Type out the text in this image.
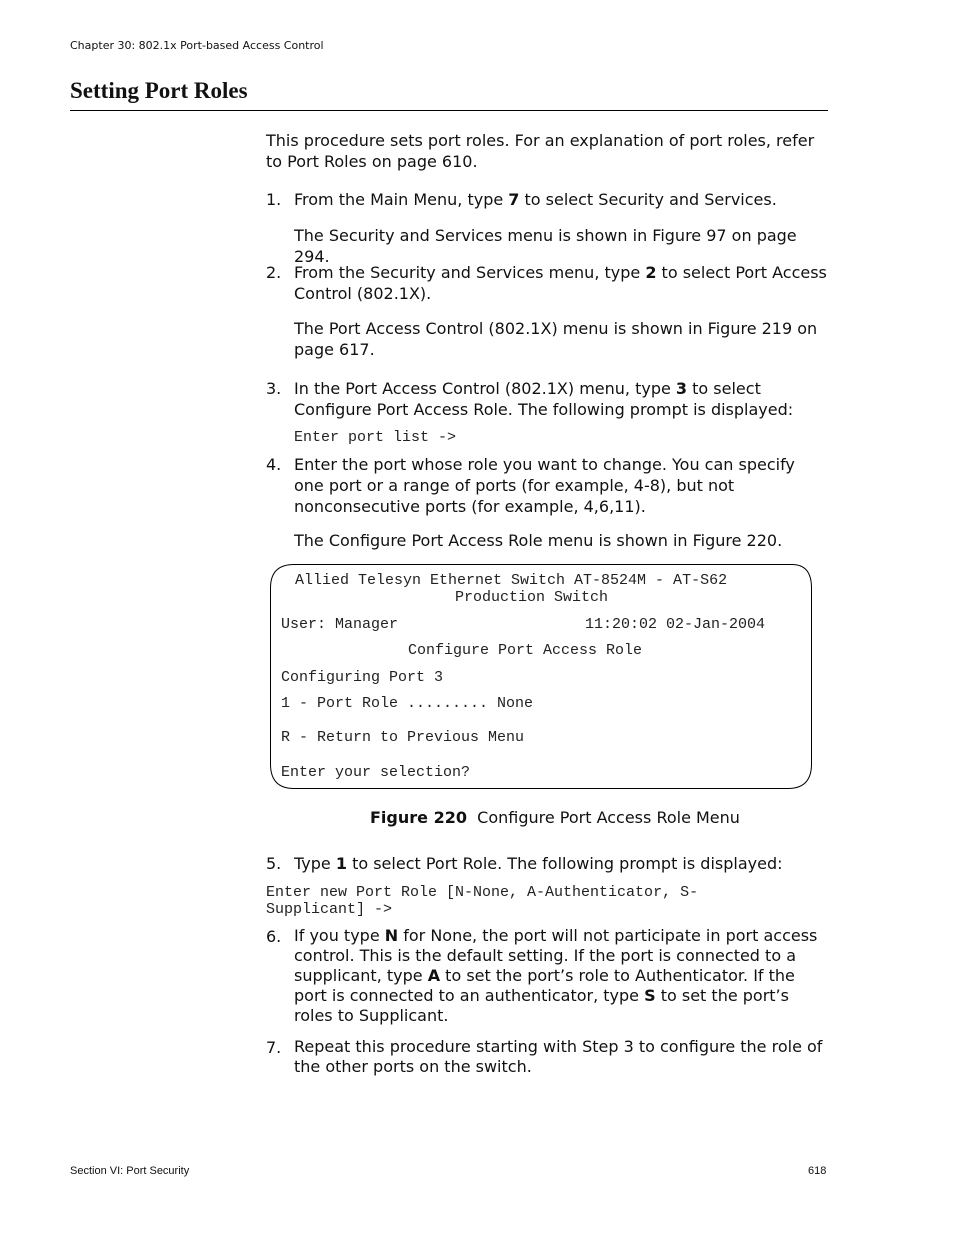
Chapter 30: 802.1x Port-based Access Control
Setting Port Roles
This procedure sets port roles. For an explanation of port roles, refer to Port Roles on page 610.
1. From the Main Menu, type 7 to select Security and Services.
The Security and Services menu is shown in Figure 97 on page 294.
2. From the Security and Services menu, type 2 to select Port Access Control (802.1X).
The Port Access Control (802.1X) menu is shown in Figure 219 on page 617.
3. In the Port Access Control (802.1X) menu, type 3 to select Configure Port Access Role. The following prompt is displayed:
Enter port list ->
4. Enter the port whose role you want to change. You can specify one port or a range of ports (for example, 4-8), but not nonconsecutive ports (for example, 4,6,11).
The Configure Port Access Role menu is shown in Figure 220.
Allied Telesyn Ethernet Switch AT-8524M - AT-S62
Production Switch
User: Manager	11:20:02 02-Jan-2004
Configure Port Access Role
Configuring Port 3
1 - Port Role ......... None
R - Return to Previous Menu
Enter your selection?
Figure 220 Configure Port Access Role Menu
5. Type 1 to select Port Role. The following prompt is displayed:
Enter new Port Role [N-None, A-Authenticator, S-
Supplicant] ->
6. If you type N for None, the port will not participate in port access control. This is the default setting. If the port is connected to a supplicant, type A to set the port’s role to Authenticator. If the port is connected to an authenticator, type S to set the port’s roles to Supplicant.
7. Repeat this procedure starting with Step 3 to configure the role of the other ports on the switch.
Section VI: Port Security	618
